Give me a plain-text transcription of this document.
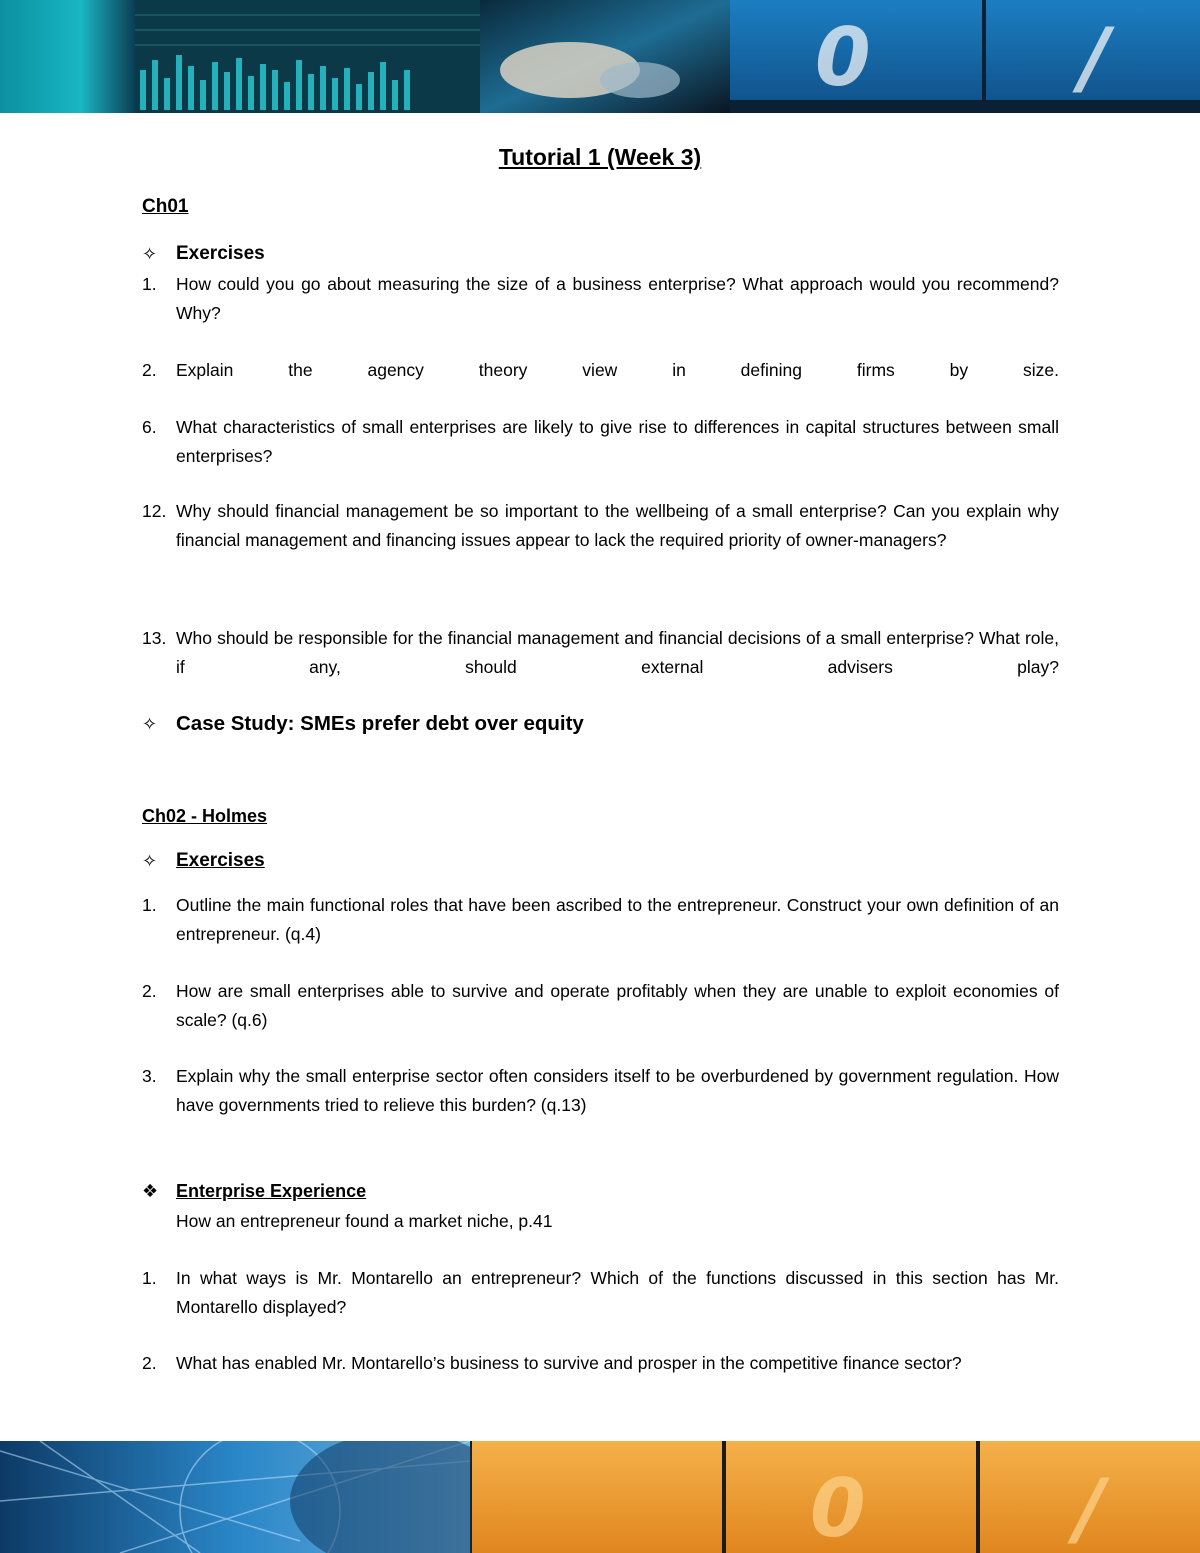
0	/
Tutorial 1 (Week 3)
Ch01
✧ Exercises
1. How could you go about measuring the size of a business enterprise? What approach would you recommend? Why?
2. Explain the agency theory view in defining firms by size.
6. What characteristics of small enterprises are likely to give rise to differences in capital structures between small enterprises?
12. Why should financial management be so important to the wellbeing of a small enterprise? Can you explain why financial management and financing issues appear to lack the required priority of owner-managers?
13. Who should be responsible for the financial management and financial decisions of a small enterprise? What role, if any, should external advisers play?
✧ Case Study: SMEs prefer debt over equity
Ch02 - Holmes
✧ Exercises
1. Outline the main functional roles that have been ascribed to the entrepreneur. Construct your own definition of an entrepreneur. (q.4)
2. How are small enterprises able to survive and operate profitably when they are unable to exploit economies of scale? (q.6)
3. Explain why the small enterprise sector often considers itself to be overburdened by government regulation. How have governments tried to relieve this burden? (q.13)
❖ Enterprise Experience
How an entrepreneur found a market niche, p.41
1. In what ways is Mr. Montarello an entrepreneur? Which of the functions discussed in this section has Mr. Montarello displayed?
2. What has enabled Mr. Montarello’s business to survive and prosper in the competitive finance sector?
0	/
